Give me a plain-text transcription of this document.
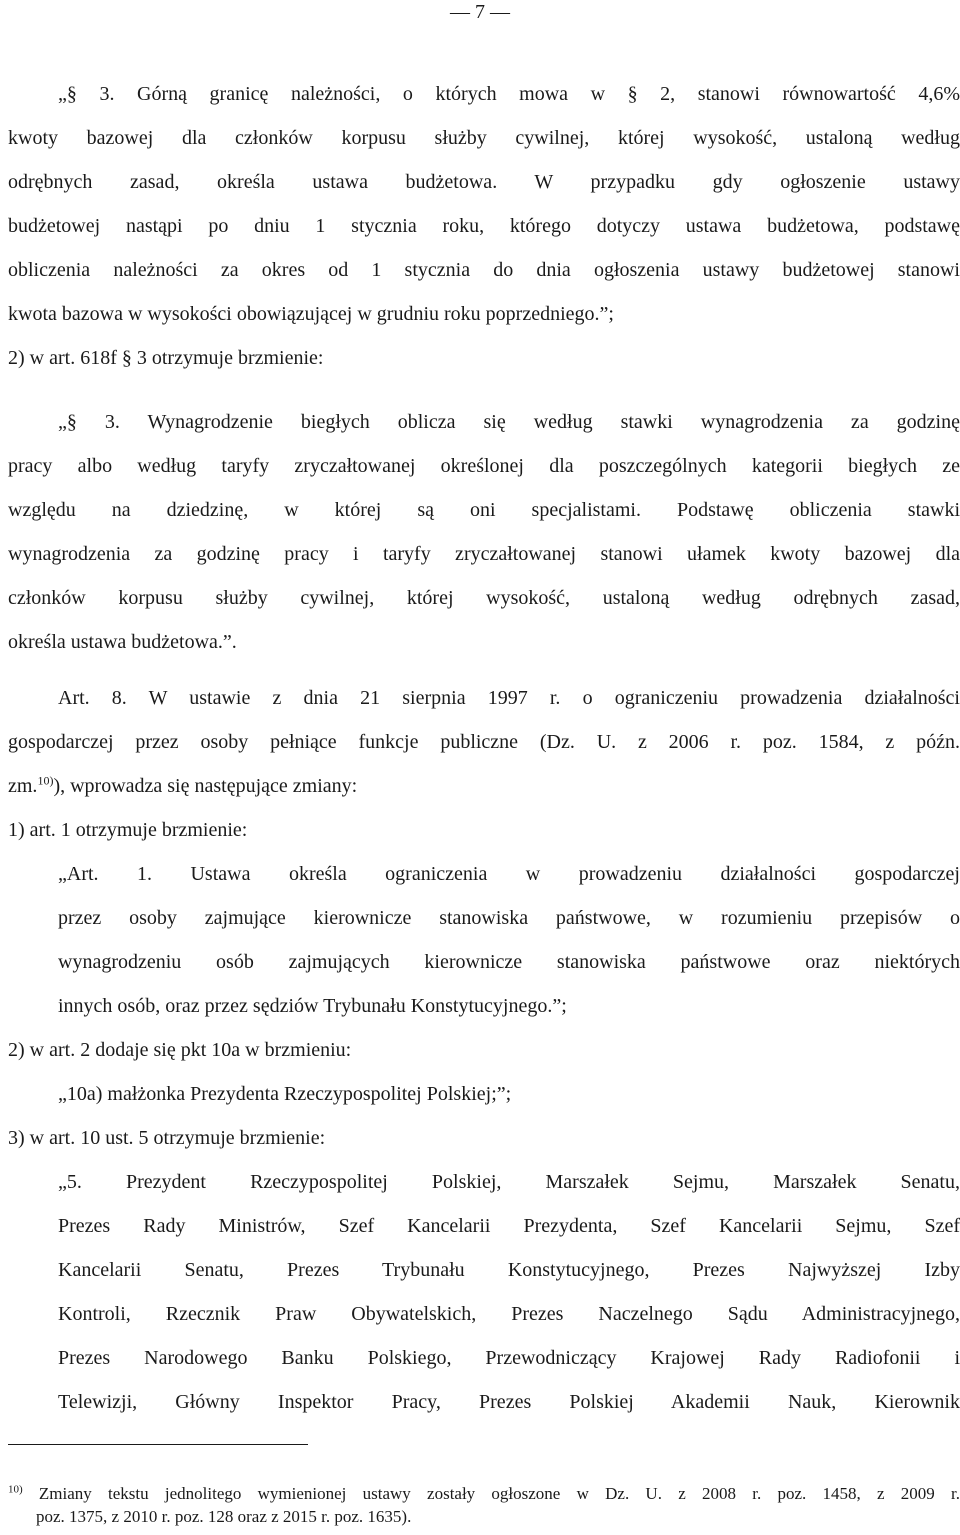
— 7 —
„§ 3. Górną granicę należności, o których mowa w § 2, stanowi równowartość 4,6%
kwoty bazowej dla członków korpusu służby cywilnej, której wysokość, ustaloną według
odrębnych zasad, określa ustawa budżetowa. W przypadku gdy ogłoszenie ustawy
budżetowej nastąpi po dniu 1 stycznia roku, którego dotyczy ustawa budżetowa, podstawę
obliczenia należności za okres od 1 stycznia do dnia ogłoszenia ustawy budżetowej stanowi
kwota bazowa w wysokości obowiązującej w grudniu roku poprzedniego.”;
2) w art. 618f § 3 otrzymuje brzmienie:
„§ 3. Wynagrodzenie biegłych oblicza się według stawki wynagrodzenia za godzinę
pracy albo według taryfy zryczałtowanej określonej dla poszczególnych kategorii biegłych ze
względu na dziedzinę, w której są oni specjalistami. Podstawę obliczenia stawki
wynagrodzenia za godzinę pracy i taryfy zryczałtowanej stanowi ułamek kwoty bazowej dla
członków korpusu służby cywilnej, której wysokość, ustaloną według odrębnych zasad,
określa ustawa budżetowa.”.
Art. 8. W ustawie z dnia 21 sierpnia 1997 r. o ograniczeniu prowadzenia działalności
gospodarczej przez osoby pełniące funkcje publiczne (Dz. U. z 2006 r. poz. 1584, z późn.
zm.$^{10)}$), wprowadza się następujące zmiany:
1) art. 1 otrzymuje brzmienie:
„Art. 1. Ustawa określa ograniczenia w prowadzeniu działalności gospodarczej
przez osoby zajmujące kierownicze stanowiska państwowe, w rozumieniu przepisów o
wynagrodzeniu osób zajmujących kierownicze stanowiska państwowe oraz niektórych
innych osób, oraz przez sędziów Trybunału Konstytucyjnego.”;
2) w art. 2 dodaje się pkt 10a w brzmieniu:
„10a) małżonka Prezydenta Rzeczypospolitej Polskiej;”;
3) w art. 10 ust. 5 otrzymuje brzmienie:
„5. Prezydent Rzeczypospolitej Polskiej, Marszałek Sejmu, Marszałek Senatu,
Prezes Rady Ministrów, Szef Kancelarii Prezydenta, Szef Kancelarii Sejmu, Szef
Kancelarii Senatu, Prezes Trybunału Konstytucyjnego, Prezes Najwyższej Izby
Kontroli, Rzecznik Praw Obywatelskich, Prezes Naczelnego Sądu Administracyjnego,
Prezes Narodowego Banku Polskiego, Przewodniczący Krajowej Rady Radiofonii i
Telewizji, Główny Inspektor Pracy, Prezes Polskiej Akademii Nauk, Kierownik
$^{10)}$ Zmiany tekstu jednolitego wymienionej ustawy zostały ogłoszone w Dz. U. z 2008 r. poz. 1458, z 2009 r.
poz. 1375, z 2010 r. poz. 128 oraz z 2015 r. poz. 1635).
